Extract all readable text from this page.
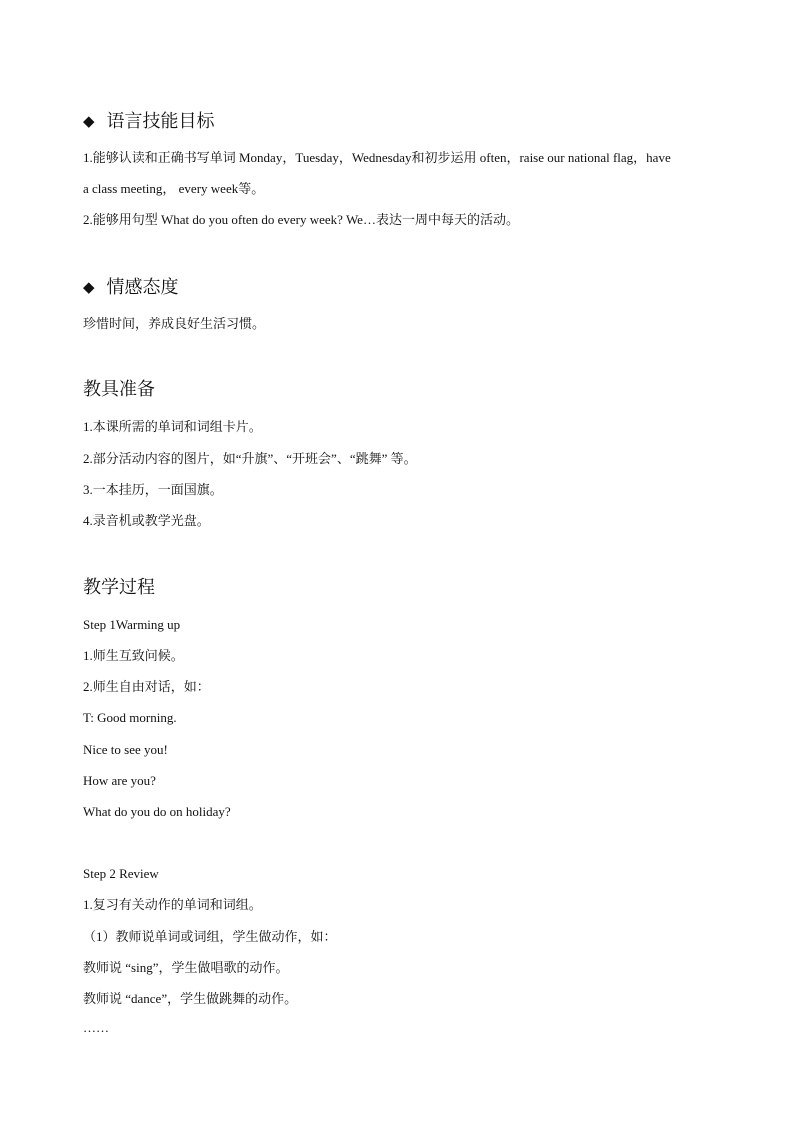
◆ 语言技能目标
1.能够认读和正确书写单词 Monday，Tuesday，Wednesday和初步运用 often，raise our national flag，have
a class meeting， every week等。
2.能够用句型 What do you often do every week? We…表达一周中每天的活动。
◆ 情感态度
珍惜时间，养成良好生活习惯。
教具准备
1.本课所需的单词和词组卡片。
2.部分活动内容的图片，如“升旗”、“开班会”、“跳舞” 等。
3.一本挂历，一面国旗。
4.录音机或教学光盘。
教学过程
Step 1Warming up
1.师生互致问候。
2.师生自由对话，如：
T: Good morning.
Nice to see you!
How are you?
What do you do on holiday?
Step 2 Review
1.复习有关动作的单词和词组。
（1）教师说单词或词组，学生做动作，如：
教师说 “sing”，学生做唱歌的动作。
教师说 “dance”，学生做跳舞的动作。
……
